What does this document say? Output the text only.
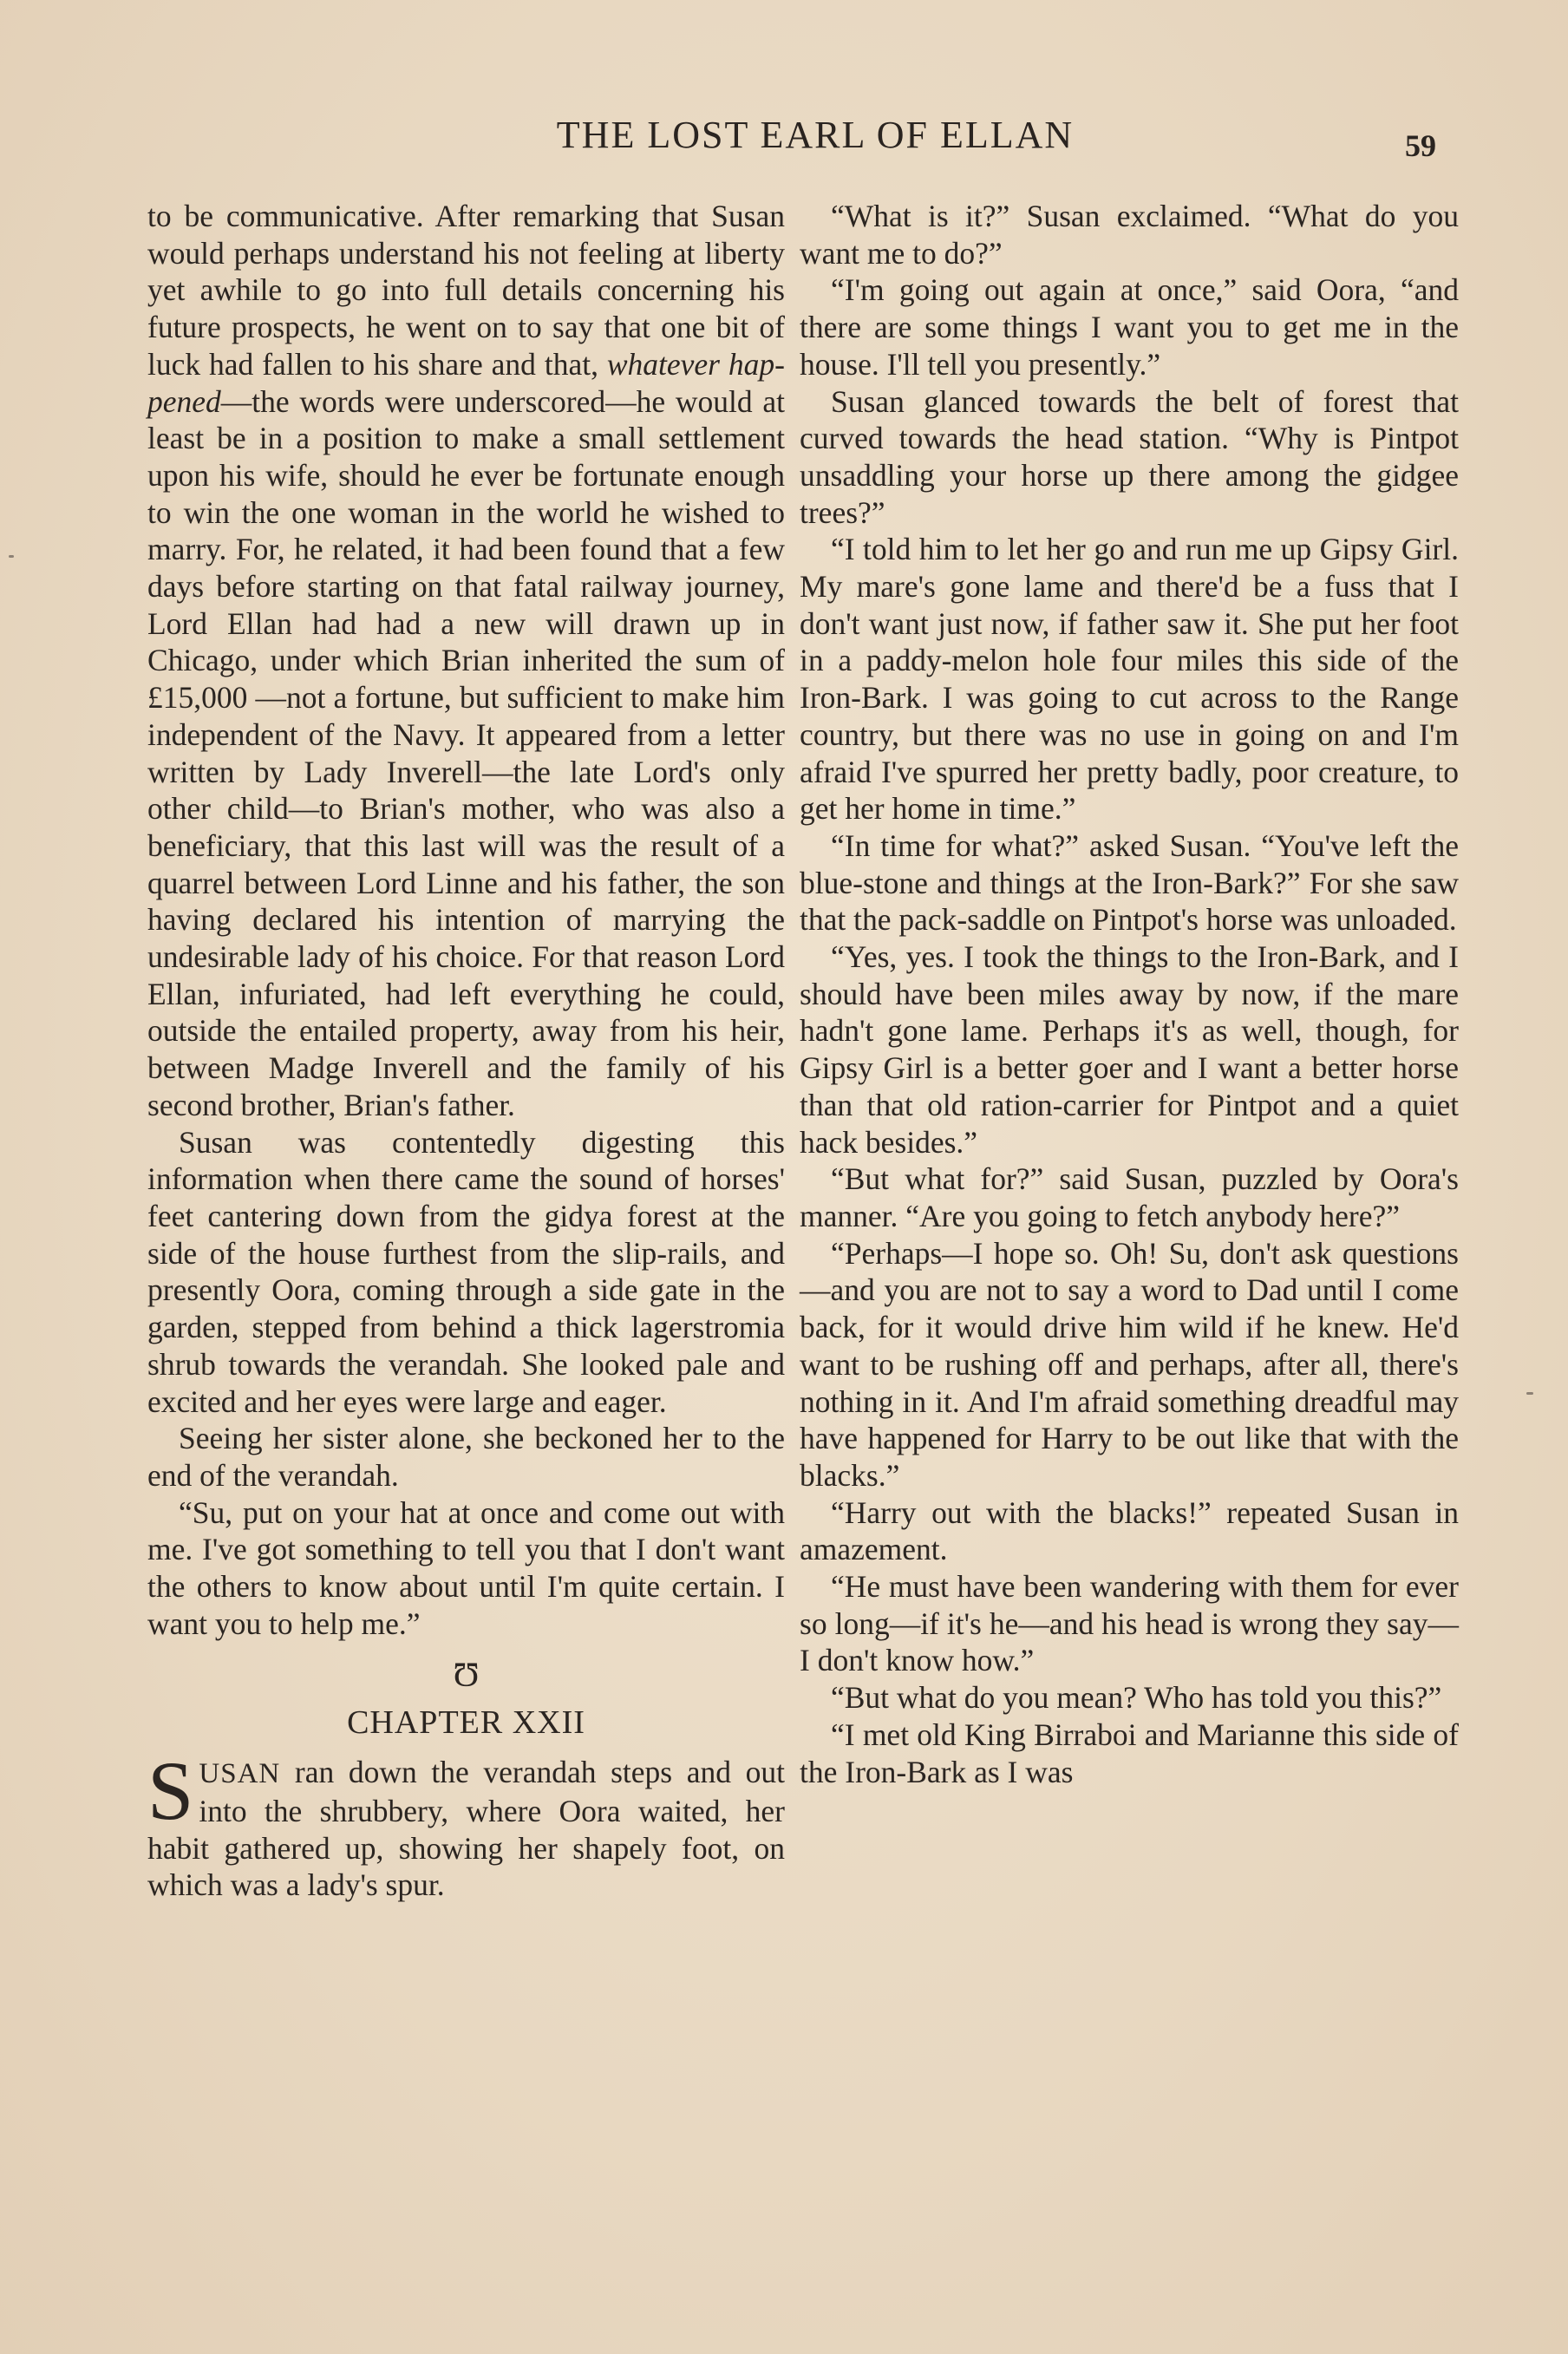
THE LOST EARL OF ELLAN	59

to be communicative. After remarking that Susan would perhaps understand his not feeling at liberty yet awhile to go into full details concerning his future prospects, he went on to say that one bit of luck had fallen to his share and that, whatever hap-pened—the words were underscored—he would at least be in a position to make a small settlement upon his wife, should he ever be fortunate enough to win the one woman in the world he wished to marry. For, he related, it had been found that a few days before starting on that fatal railway journey, Lord Ellan had had a new will drawn up in Chicago, under which Brian inherited the sum of £15,000 —not a fortune, but sufficient to make him independent of the Navy. It appeared from a letter written by Lady Inverell—the late Lord's only other child—to Brian's mother, who was also a beneficiary, that this last will was the result of a quarrel between Lord Linne and his father, the son having declared his intention of marrying the undesirable lady of his choice. For that reason Lord Ellan, infuriated, had left everything he could, outside the entailed property, away from his heir, between Madge Inverell and the family of his second brother, Brian's father.

Susan was contentedly digesting this information when there came the sound of horses' feet cantering down from the gidya forest at the side of the house furthest from the slip-rails, and presently Oora, coming through a side gate in the garden, stepped from behind a thick lagerstromia shrub towards the verandah. She looked pale and excited and her eyes were large and eager.

Seeing her sister alone, she beckoned her to the end of the verandah.

“Su, put on your hat at once and come out with me. I've got something to tell you that I don't want the others to know about until I'm quite certain. I want you to help me.”

Ʊ
CHAPTER XXII

SUSAN ran down the verandah steps and out into the shrubbery, where Oora waited, her habit gathered up, showing her shapely foot, on which was a lady's spur.

“What is it?” Susan exclaimed. “What do you want me to do?”

“I'm going out again at once,” said Oora, “and there are some things I want you to get me in the house. I'll tell you presently.”

Susan glanced towards the belt of forest that curved towards the head station. “Why is Pintpot unsaddling your horse up there among the gidgee trees?”

“I told him to let her go and run me up Gipsy Girl. My mare's gone lame and there'd be a fuss that I don't want just now, if father saw it. She put her foot in a paddy-melon hole four miles this side of the Iron-Bark. I was going to cut across to the Range country, but there was no use in going on and I'm afraid I've spurred her pretty badly, poor creature, to get her home in time.”

“In time for what?” asked Susan. “You've left the blue-stone and things at the Iron-Bark?” For she saw that the pack-saddle on Pintpot's horse was unloaded.

“Yes, yes. I took the things to the Iron-Bark, and I should have been miles away by now, if the mare hadn't gone lame. Perhaps it's as well, though, for Gipsy Girl is a better goer and I want a better horse than that old ration-carrier for Pintpot and a quiet hack besides.”

“But what for?” said Susan, puzzled by Oora's manner. “Are you going to fetch anybody here?”

“Perhaps—I hope so. Oh! Su, don't ask questions—and you are not to say a word to Dad until I come back, for it would drive him wild if he knew. He'd want to be rushing off and perhaps, after all, there's nothing in it. And I'm afraid something dreadful may have happened for Harry to be out like that with the blacks.”

“Harry out with the blacks!” repeated Susan in amazement.

“He must have been wandering with them for ever so long—if it's he—and his head is wrong they say—I don't know how.”

“But what do you mean? Who has told you this?”

“I met old King Birraboi and Marianne this side of the Iron-Bark as I was
